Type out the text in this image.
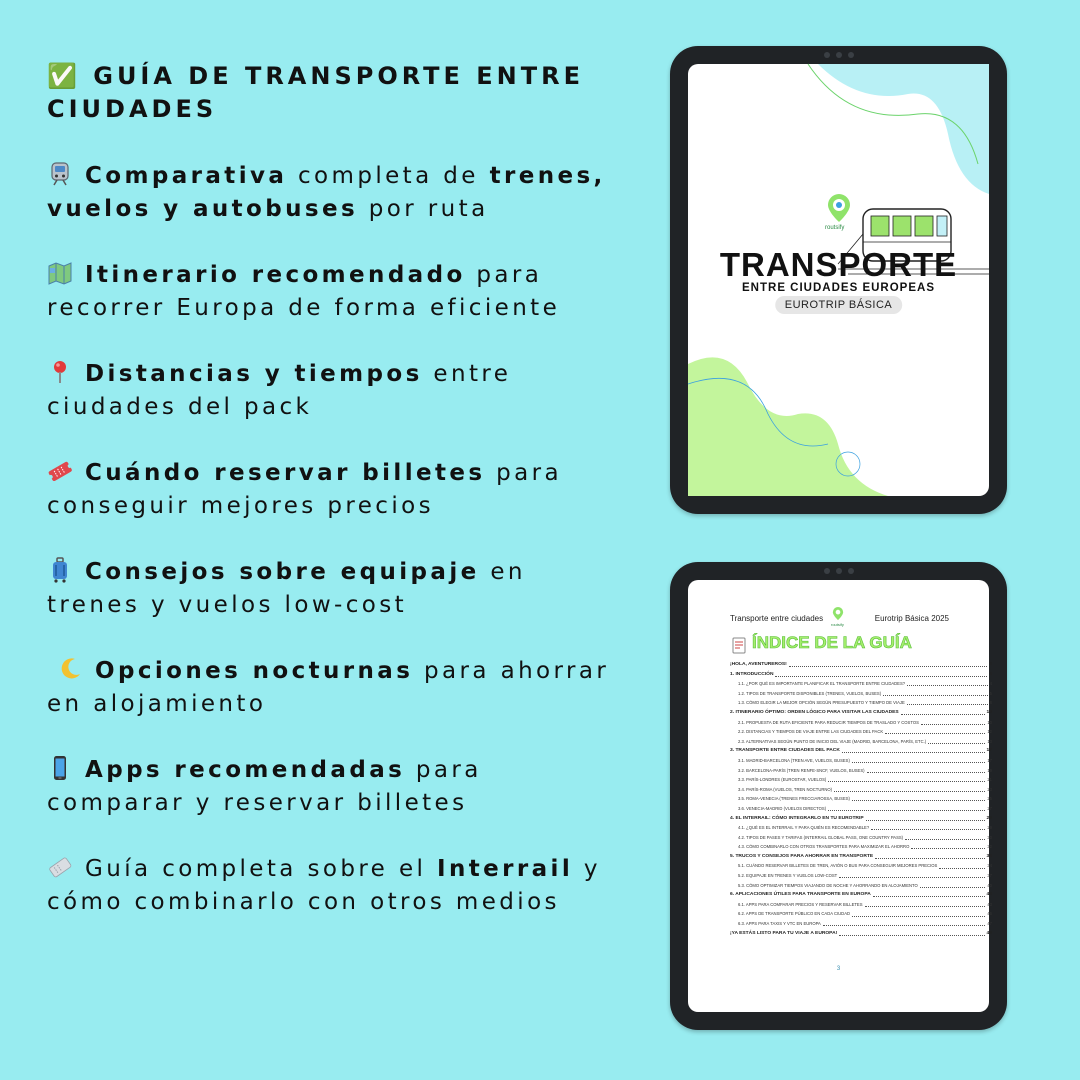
✅ GUÍA DE TRANSPORTE ENTRE CIUDADES
Comparativa completa de trenes, vuelos y autobuses por ruta
Itinerario recomendado para recorrer Europa de forma eficiente
Distancias y tiempos entre ciudades del pack
Cuándo reservar billetes para conseguir mejores precios
Consejos sobre equipaje en trenes y vuelos low-cost
Opciones nocturnas para ahorrar en alojamiento
Apps recomendadas para comparar y reservar billetes
Guía completa sobre el Interrail y cómo combinarlo con otros medios
routsify
TRANSPORTE
ENTRE CIUDADES EUROPEAS
EUROTRIP BÁSICA
Transporte entre ciudades
routsify
Eurotrip Básica 2025
ÍNDICE DE LA GUÍA
¡HOLA, AVENTUREROS!	2
1. INTRODUCCIÓN	4
1.1. ¿POR QUÉ ES IMPORTANTE PLANIFICAR EL TRANSPORTE ENTRE CIUDADES?	4
1.2. TIPOS DE TRANSPORTE DISPONIBLES (TRENES, VUELOS, BUSES)	5
1.3. CÓMO ELEGIR LA MEJOR OPCIÓN SEGÚN PRESUPUESTO Y TIEMPO DE VIAJE	8
2. ITINERARIO ÓPTIMO: ORDEN LÓGICO PARA VISITAR LAS CIUDADES	10
2.1. PROPUESTA DE RUTA EFICIENTE PARA REDUCIR TIEMPOS DE TRASLADO Y COSTOS	10
2.2. DISTANCIAS Y TIEMPOS DE VIAJE ENTRE LAS CIUDADES DEL PACK	12
2.3. ALTERNATIVAS SEGÚN PUNTO DE INICIO DEL VIAJE (MADRID, BARCELONA, PARÍS, ETC.)	13
3. TRANSPORTE ENTRE CIUDADES DEL PACK	17
3.1. MADRID-BARCELONA (TREN AVE, VUELOS, BUSES)	17
3.2. BARCELONA-PARÍS (TREN RENFE-SNCF, VUELOS, BUSES)	19
3.3. PARÍS-LONDRES (EUROSTAR, VUELOS)	21
3.4. PARÍS-ROMA (VUELOS, TREN NOCTURNO)	23
3.5. ROMA-VENECIA (TRENES FRECCIAROSSA, BUSES)	25
3.6. VENECIA-MADRID (VUELOS DIRECTOS)	27
4. EL INTERRAIL: CÓMO INTEGRARLO EN TU EUROTRIP	29
4.1. ¿QUÉ ES EL INTERRAIL Y PARA QUIÉN ES RECOMENDABLE?	29
4.2. TIPOS DE PASES Y TARIFAS (INTERRAIL GLOBAL PASS, ONE COUNTRY PASS)	30
4.3. CÓMO COMBINARLO CON OTROS TRANSPORTES PARA MAXIMIZAR EL AHORRO	32
5. TRUCOS Y CONSEJOS PARA AHORRAR EN TRANSPORTE	34
5.1. CUÁNDO RESERVAR BILLETES DE TREN, AVIÓN O BUS PARA CONSEGUIR MEJORES PRECIOS	34
5.2. EQUIPAJE EN TRENES Y VUELOS LOW-COST	37
5.3. CÓMO OPTIMIZAR TIEMPOS VIAJANDO DE NOCHE Y AHORRANDO EN ALOJAMIENTO	40
6. APLICACIONES ÚTILES PARA TRANSPORTE EN EUROPA	43
6.1. APPS PARA COMPARAR PRECIOS Y RESERVAR BILLETES	43
6.2. APPS DE TRANSPORTE PÚBLICO EN CADA CIUDAD	46
6.3. APPS PARA TAXIS Y VTC EN EUROPA	47
¡YA ESTÁS LISTO PARA TU VIAJE A EUROPA!	49
3
